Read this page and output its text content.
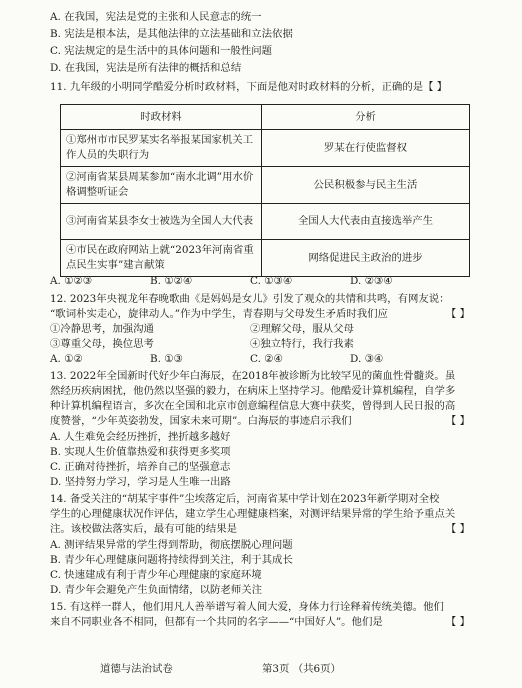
A. 在我国，宪法是党的主张和人民意志的统一
B. 宪法是根本法，是其他法律的立法基础和立法依据
C. 宪法规定的是生活中的具体问题和一般性问题
D. 在我国，宪法是所有法律的概括和总结
11. 九年级的小明同学酷爱分析时政材料，下面是他对时政材料的分析，正确的是【 】
时政材料	分析
①郑州市市民罗某实名举报某国家机关工作人员的失职行为	罗某在行使监督权
②河南省某县周某参加“南水北调”用水价格调整听证会	公民积极参与民主生活
③河南省某县李女士被选为全国人大代表	全国人大代表由直接选举产生
④市民在政府网站上就“2023年河南省重点民生实事”建言献策	网络促进民主政治的进步
A. ①②③	B. ①②④	C. ①③④	D. ②③④
12. 2023年央视龙年春晚歌曲《是妈妈是女儿》引发了观众的共情和共鸣，有网友说：
“歌词朴实走心，旋律动人。”作为中学生，青春期与父母发生矛盾时我们应	【 】
①冷静思考，加强沟通	②理解父母，服从父母
③尊重父母，换位思考	④独立特行，我行我素
A. ①②	B. ①③	C. ②④	D. ③④
13. 2022年全国新时代好少年白海辰，在2018年被诊断为比较罕见的菌血性骨髓炎。虽
然经历疾病困扰，他仍然以坚强的毅力，在病床上坚持学习。他酷爱计算机编程，自学多
种计算机编程语言，多次在全国和北京市创意编程信息大赛中获奖，曾得到人民日报的高
度赞誉，“少年英姿勃发，国家未来可期”。白海辰的事迹启示我们	【 】
A. 人生难免会经历挫折，挫折越多越好
B. 实现人生价值靠热爱和获得更多奖项
C. 正确对待挫折，培养自己的坚强意志
D. 坚持努力学习，学习是人生唯一出路
14. 备受关注的“胡某宇事件”尘埃落定后，河南省某中学计划在2023年新学期对全校
学生的心理健康状况作评估，建立学生心理健康档案，对测评结果异常的学生给予重点关
注。该校做法落实后，最有可能的结果是	【 】
A. 测评结果异常的学生得到帮助，彻底摆脱心理问题
B. 青少年心理健康问题将持续得到关注，利于其成长
C. 快速建成有利于青少年心理健康的家庭环境
D. 青少年会避免产生负面情绪，以防老师关注
15. 有这样一群人，他们用凡人善举谱写着人间大爱，身体力行诠释着传统美德。他们
来自不同职业各不相同，但都有一个共同的名字——“中国好人”。他们是	【 】
道德与法治试卷	第3页 （共6页）
